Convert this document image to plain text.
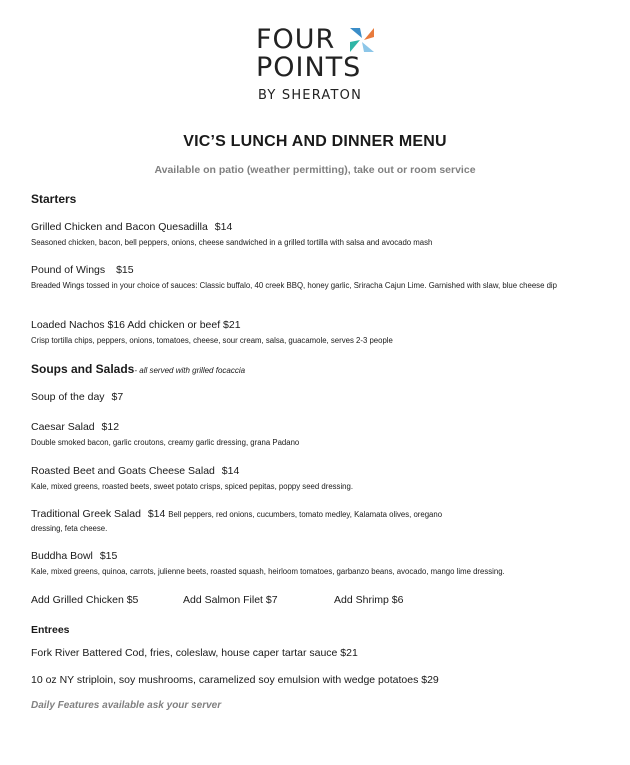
FOUR
POINTS
BY SHERATON
VIC’S LUNCH AND DINNER MENU
Available on patio (weather permitting), take out or room service
Starters
Grilled Chicken and Bacon Quesadilla $14
Seasoned chicken, bacon, bell peppers, onions, cheese sandwiched in a grilled tortilla with salsa and avocado mash
Pound of Wings $15
Breaded Wings tossed in your choice of sauces: Classic buffalo, 40 creek BBQ, honey garlic, Sriracha Cajun Lime. Garnished with slaw, blue cheese dip
Loaded Nachos $16 Add chicken or beef $21
Crisp tortilla chips, peppers, onions, tomatoes, cheese, sour cream, salsa, guacamole, serves 2-3 people
Soups and Salads- all served with grilled focaccia
Soup of the day $7
Caesar Salad $12
Double smoked bacon, garlic croutons, creamy garlic dressing, grana Padano
Roasted Beet and Goats Cheese Salad $14
Kale, mixed greens, roasted beets, sweet potato crisps, spiced pepitas, poppy seed dressing.
Traditional Greek Salad $14 Bell peppers, red onions, cucumbers, tomato medley, Kalamata olives, oregano
dressing, feta cheese.
Buddha Bowl $15
Kale, mixed greens, quinoa, carrots, julienne beets, roasted squash, heirloom tomatoes, garbanzo beans, avocado, mango lime dressing.
Add Grilled Chicken $5	Add Salmon Filet $7	Add Shrimp $6
Entrees
Fork River Battered Cod, fries, coleslaw, house caper tartar sauce $21
10 oz NY striploin, soy mushrooms, caramelized soy emulsion with wedge potatoes $29
Daily Features available ask your server
